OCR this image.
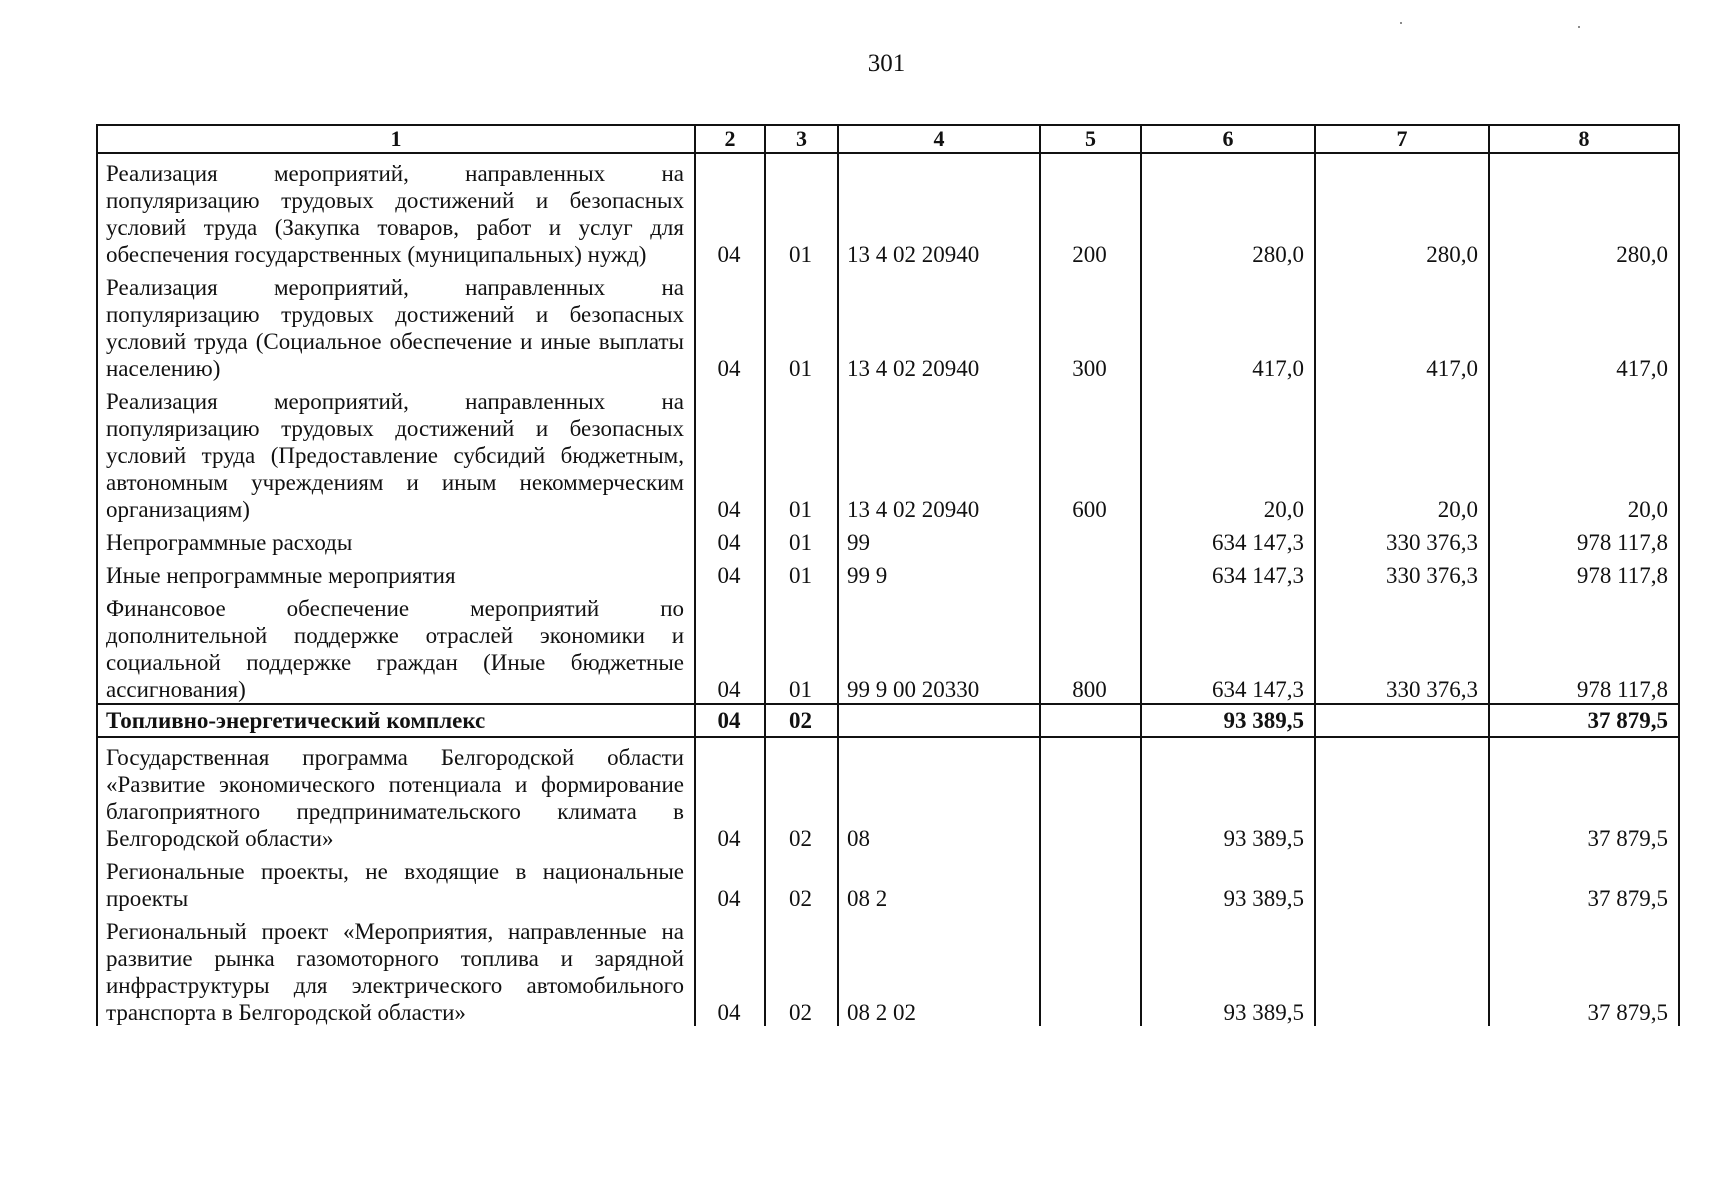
301
1	2	3	4	5	6	7	8
Реализация мероприятий, направленных на популяризацию трудовых достижений и безопасных условий труда (Закупка товаров, работ и услуг для обеспечения государственных (муниципальных) нужд)	04	01	13 4 02 20940	200	280,0	280,0	280,0
Реализация мероприятий, направленных на популяризацию трудовых достижений и безопасных условий труда (Социальное обеспечение и иные выплаты населению)	04	01	13 4 02 20940	300	417,0	417,0	417,0
Реализация мероприятий, направленных на популяризацию трудовых достижений и безопасных условий труда (Предоставление субсидий бюджетным, автономным учреждениям и иным некоммерческим организациям)	04	01	13 4 02 20940	600	20,0	20,0	20,0
Непрограммные расходы	04	01	99		634 147,3	330 376,3	978 117,8
Иные непрограммные мероприятия	04	01	99 9		634 147,3	330 376,3	978 117,8
Финансовое обеспечение мероприятий по дополнительной поддержке отраслей экономики и социальной поддержке граждан (Иные бюджетные ассигнования)	04	01	99 9 00 20330	800	634 147,3	330 376,3	978 117,8
Топливно-энергетический комплекс	04	02			93 389,5		37 879,5
Государственная программа Белгородской области «Развитие экономического потенциала и формирование благоприятного предпринимательского климата в Белгородской области»	04	02	08		93 389,5		37 879,5
Региональные проекты, не входящие в национальные проекты	04	02	08 2		93 389,5		37 879,5
Региональный проект «Мероприятия, направленные на развитие рынка газомоторного топлива и зарядной инфраструктуры для электрического автомобильного транспорта в Белгородской области»	04	02	08 2 02		93 389,5		37 879,5
